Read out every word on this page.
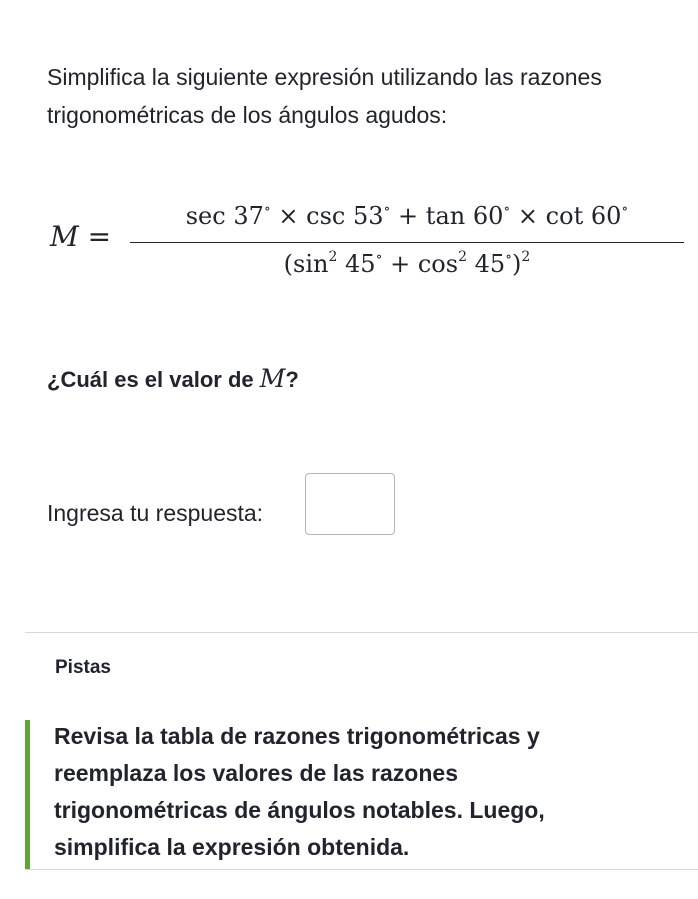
Simplifica la siguiente expresión utilizando las razones trigonométricas de los ángulos agudos:
M =
sec 37∘ × csc 53∘ + tan 60∘ × cot 60∘
($\sin^2$ $45^\circ + \cos^2 45^\circ)^2$
¿Cuál es el valor de M?
Ingresa tu respuesta:
Pistas
Revisa la tabla de razones trigonométricas y reemplaza los valores de las razones trigonométricas de ángulos notables. Luego, simplifica la expresión obtenida.
